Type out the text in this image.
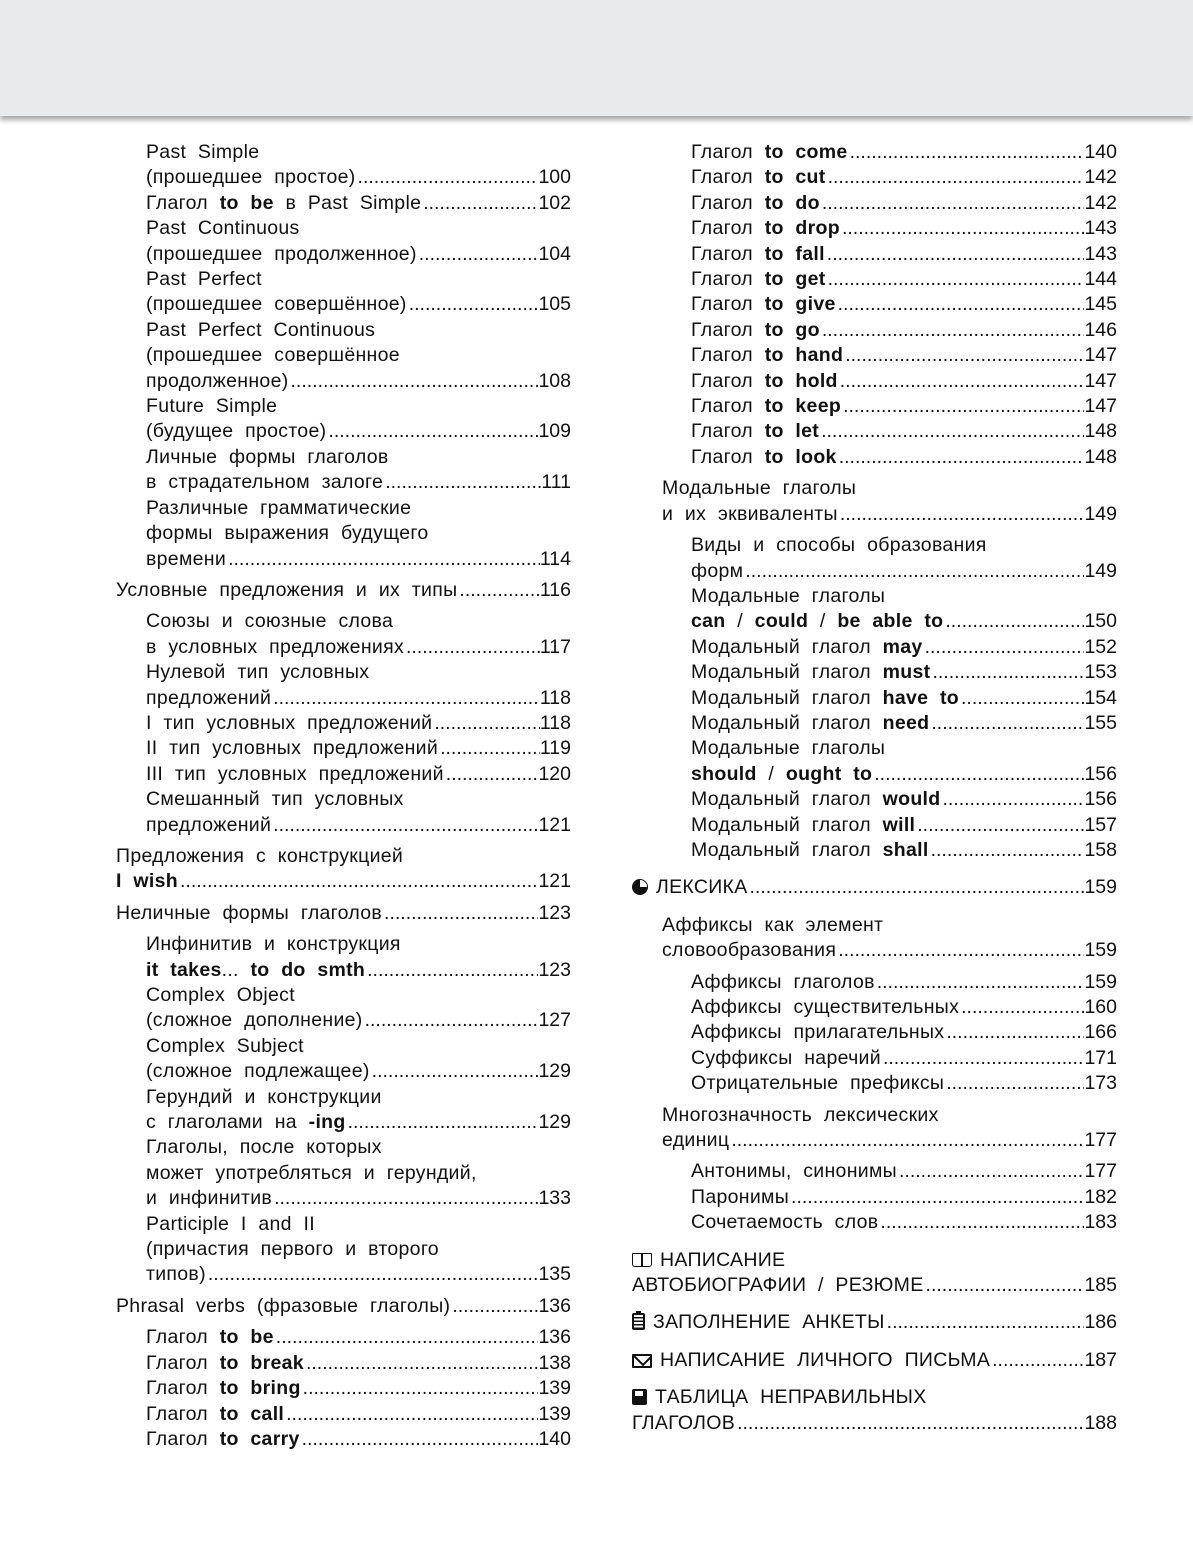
Past Simple
(прошедшее простое) .....	100
Глагол to be в Past Simple .....	102
Past Continuous
(прошедшее продолженное) .....	104
Past Perfect
(прошедшее совершённое) .....	105
Past Perfect Continuous
(прошедшее совершённое
продолженное) .....	108
Future Simple
(будущее простое) .....	109
Личные формы глаголов
в страдательном залоге .....	111
Различные грамматические
формы выражения будущего
времени .....	114
Условные предложения и их типы .....	116
Союзы и союзные слова
в условных предложениях .....	117
Нулевой тип условных
предложений .....	118
I тип условных предложений .....	118
II тип условных предложений .....	119
III тип условных предложений .....	120
Смешанный тип условных
предложений .....	121
Предложения с конструкцией
I wish .....	121
Неличные формы глаголов .....	123
Инфинитив и конструкция
it takes... to do smth .....	123
Complex Object
(сложное дополнение) .....	127
Complex Subject
(сложное подлежащее) .....	129
Герундий и конструкции
с глаголами на -ing .....	129
Глаголы, после которых
может употребляться и герундий,
и инфинитив .....	133
Participle I and II
(причастия первого и второго
типов) .....	135
Phrasal verbs (фразовые глаголы) .....	136
Глагол to be .....	136
Глагол to break .....	138
Глагол to bring .....	139
Глагол to call .....	139
Глагол to carry .....	140
Глагол to come .....	140
Глагол to cut .....	142
Глагол to do .....	142
Глагол to drop .....	143
Глагол to fall .....	143
Глагол to get .....	144
Глагол to give .....	145
Глагол to go .....	146
Глагол to hand .....	147
Глагол to hold .....	147
Глагол to keep .....	147
Глагол to let .....	148
Глагол to look .....	148
Модальные глаголы
и их эквиваленты .....	149
Виды и способы образования
форм .....	149
Модальные глаголы
can / could / be able to .....	150
Модальный глагол may .....	152
Модальный глагол must .....	153
Модальный глагол have to .....	154
Модальный глагол need .....	155
Модальные глаголы
should / ought to .....	156
Модальный глагол would .....	156
Модальный глагол will .....	157
Модальный глагол shall .....	158
ЛЕКСИКА .....	159
Аффиксы как элемент
словообразования .....	159
Аффиксы глаголов .....	159
Аффиксы существительных .....	160
Аффиксы прилагательных .....	166
Суффиксы наречий .....	171
Отрицательные префиксы .....	173
Многозначность лексических
единиц .....	177
Антонимы, синонимы .....	177
Паронимы .....	182
Сочетаемость слов .....	183
НАПИСАНИЕ
АВТОБИОГРАФИИ / РЕЗЮМЕ .....	185
ЗАПОЛНЕНИЕ АНКЕТЫ .....	186
НАПИСАНИЕ ЛИЧНОГО ПИСЬМА .....	187
ТАБЛИЦА НЕПРАВИЛЬНЫХ
ГЛАГОЛОВ .....	188
